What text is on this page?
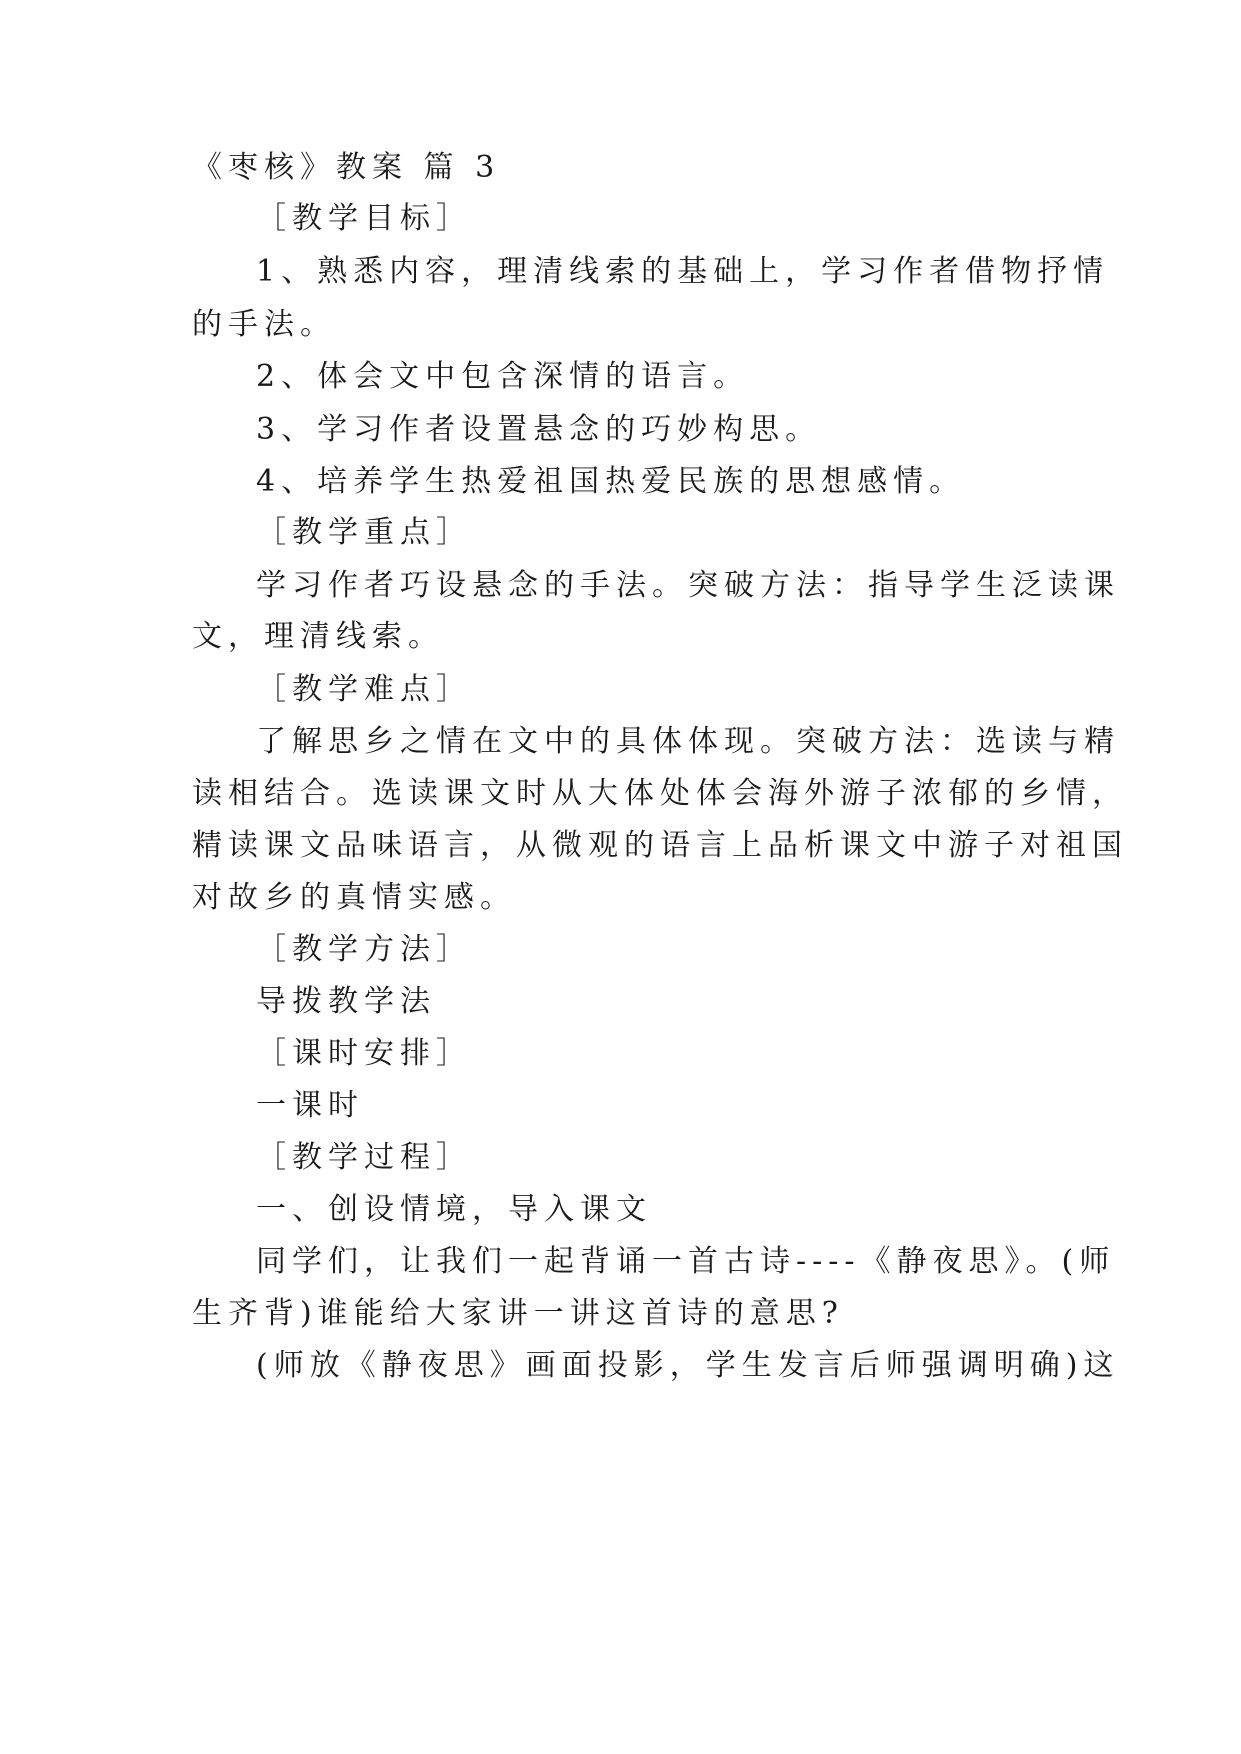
《枣核》教案 篇 3
［教学目标］
1、熟悉内容，理清线索的基础上，学习作者借物抒情
的手法。
2、体会文中包含深情的语言。
3、学习作者设置悬念的巧妙构思。
4、培养学生热爱祖国热爱民族的思想感情。
［教学重点］
学习作者巧设悬念的手法。突破方法：指导学生泛读课
文，理清线索。
［教学难点］
了解思乡之情在文中的具体体现。突破方法：选读与精
读相结合。选读课文时从大体处体会海外游子浓郁的乡情，
精读课文品味语言，从微观的语言上品析课文中游子对祖国
对故乡的真情实感。
［教学方法］
导拨教学法
［课时安排］
一课时
［教学过程］
一、创设情境，导入课文
同学们，让我们一起背诵一首古诗----《静夜思》。(师
生齐背)谁能给大家讲一讲这首诗的意思?
(师放《静夜思》画面投影，学生发言后师强调明确)这
